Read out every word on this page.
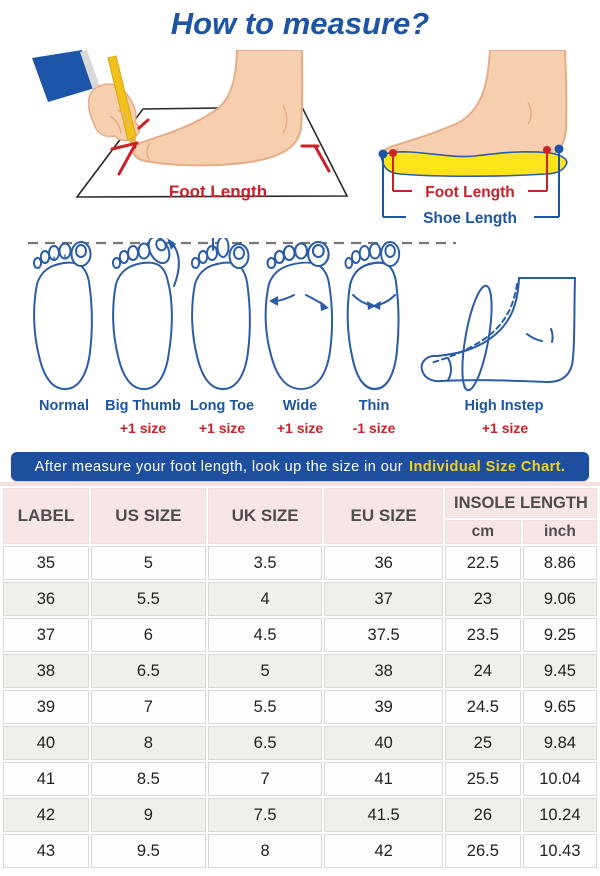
How to measure?
Foot Length	Foot Length
Shoe Length
Normal Big Thumb Long Toe Wide	Thin	High Instep
+1 size +1 size +1 size -1 size	+1 size
After measure your foot length, look up the size in our Individual Size Chart.
LABEL	US SIZE	UK SIZE	EU SIZE	INSOLE LENGTH	
				cm	inch
35	5	3.5	36	22.5	8.86
36	5.5	4	37	23	9.06
37	6	4.5	37.5	23.5	9.25
38	6.5	5	38	24	9.45
39	7	5.5	39	24.5	9.65
40	8	6.5	40	25	9.84
41	8.5	7	41	25.5	10.04
42	9	7.5	41.5	26	10.24
43	9.5	8	42	26.5	10.43
